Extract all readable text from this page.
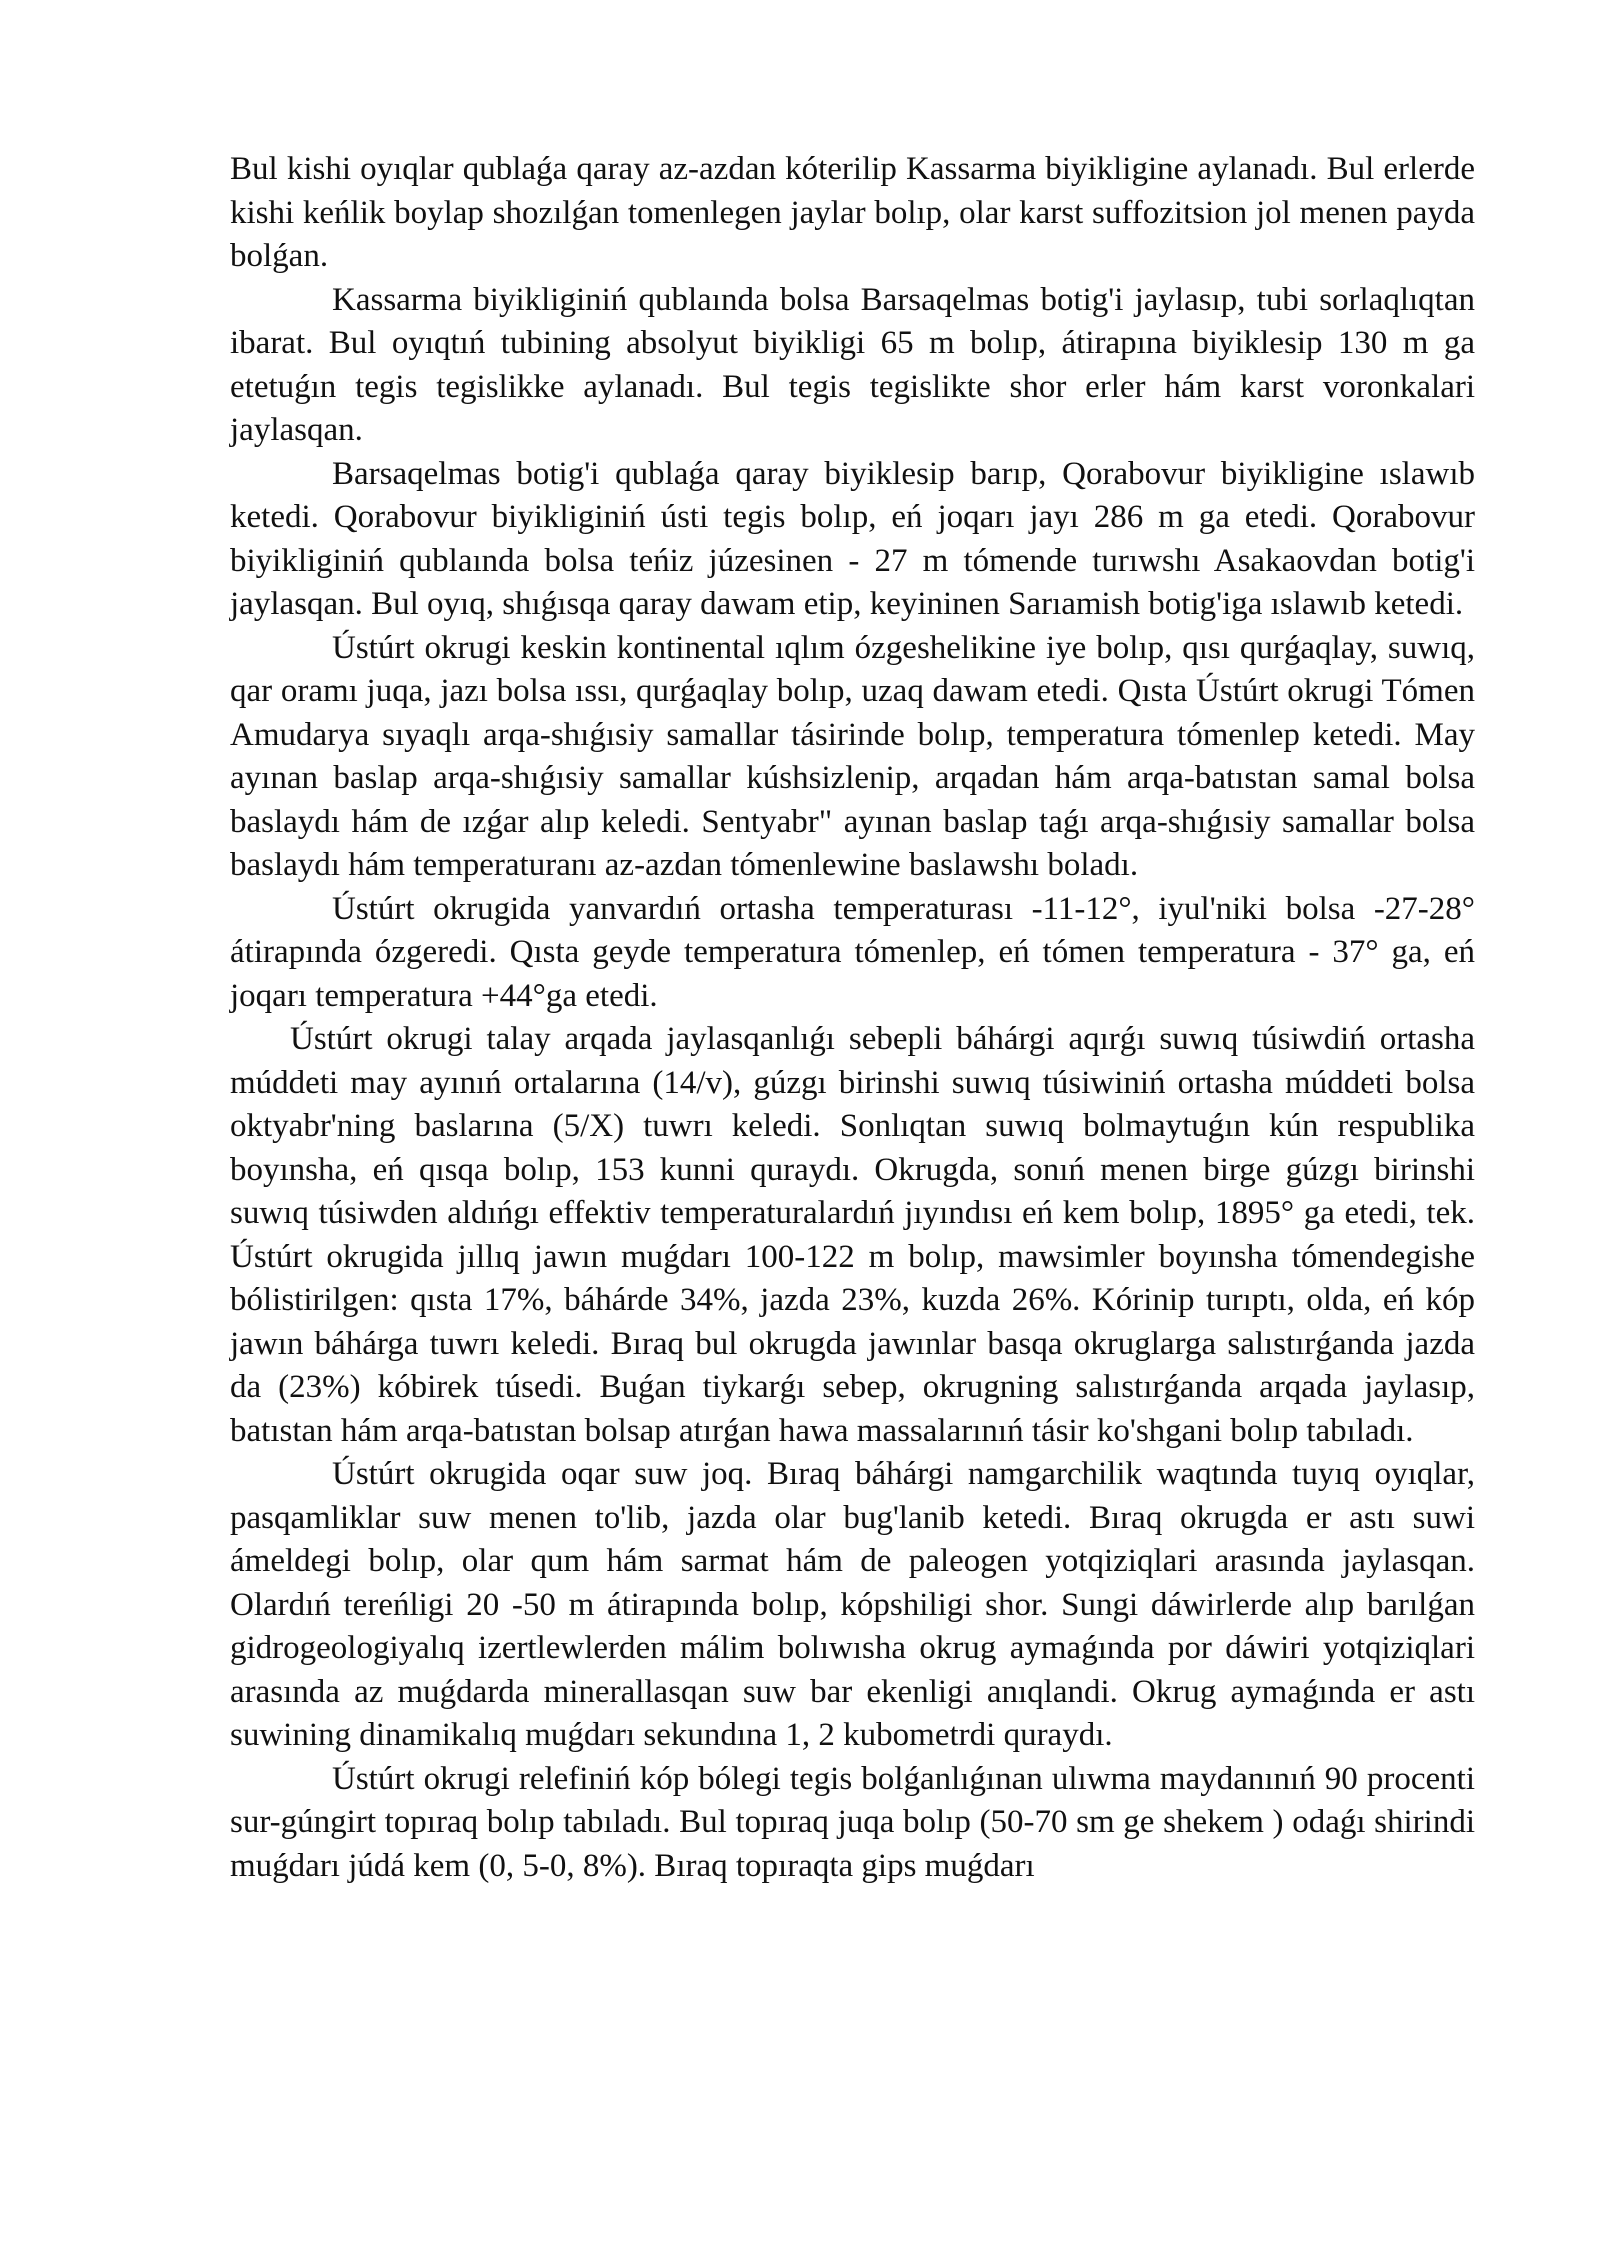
Bul kishi oyıqlar qublaǵa qaray az-azdan kóterilip Kassarma biyikligine aylanadı. Bul erlerde kishi keńlik boylap shozılǵan tomenlegen jaylar bolıp, olar karst suffozitsion jol menen payda bolǵan.

Kassarma biyikliginiń qublaında bolsa Barsaqelmas botig'i jaylasıp, tubi sorlaqlıqtan ibarat. Bul oyıqtıń tubining absolyut biyikligi 65 m bolıp, átirapına biyiklesip 130 m ga etetuǵın tegis tegislikke aylanadı. Bul tegis tegislikte shor erler hám karst voronkalari jaylasqan.

Barsaqelmas botig'i qublaǵa qaray biyiklesip barıp, Qorabovur biyikligine ıslawıb ketedi. Qorabovur biyikliginiń ústi tegis bolıp, eń joqarı jayı 286 m ga etedi. Qorabovur biyikliginiń qublaında bolsa teńiz júzesinen - 27 m tómende turıwshı Asakaovdan botig'i jaylasqan. Bul oyıq, shıǵısqa qaray dawam etip, keyininen Sarıamish botig'iga ıslawıb ketedi.

Ústúrt okrugi keskin kontinental ıqlım ózgeshelikine iye bolıp, qısı qurǵaqlay, suwıq, qar oramı juqa, jazı bolsa ıssı, qurǵaqlay bolıp, uzaq dawam etedi. Qısta Ústúrt okrugi Tómen Amudarya sıyaqlı arqa-shıǵısiy samallar tásirinde bolıp, temperatura tómenlep ketedi. May ayınan baslap arqa-shıǵısiy samallar kúshsizlenip, arqadan hám arqa-batıstan samal bolsa baslaydı hám de ızǵar alıp keledi. Sentyabr" ayınan baslap taǵı arqa-shıǵısiy samallar bolsa baslaydı hám temperaturanı az-azdan tómenlewine baslawshı boladı.

Ústúrt okrugida yanvardıń ortasha temperaturası -11-12°, iyul'niki bolsa -27-28° átirapında ózgeredi. Qısta geyde temperatura tómenlep, eń tómen temperatura - 37° ga, eń joqarı temperatura +44°ga etedi.

Ústúrt okrugi talay arqada jaylasqanlıǵı sebepli báhárgi aqırǵı suwıq túsiwdiń ortasha múddeti may ayınıń ortalarına (14/v), gúzgı birinshi suwıq túsiwiniń ortasha múddeti bolsa oktyabr'ning baslarına (5/X) tuwrı keledi. Sonlıqtan suwıq bolmaytuǵın kún respublika boyınsha, eń qısqa bolıp, 153 kunni quraydı. Okrugda, sonıń menen birge gúzgı birinshi suwıq túsiwden aldıńgı effektiv temperaturalardıń jıyındısı eń kem bolıp, 1895° ga etedi, tek. Ústúrt okrugida jıllıq jawın muǵdarı 100-122 m bolıp, mawsimler boyınsha tómendegishe bólistirilgen: qısta 17%, báhárde 34%, jazda 23%, kuzda 26%. Kórinip turıptı, olda, eń kóp jawın báhárga tuwrı keledi. Bıraq bul okrugda jawınlar basqa okruglarga salıstırǵanda jazda da (23%) kóbirek túsedi. Buǵan tiykarǵı sebep, okrugning salıstırǵanda arqada jaylasıp, batıstan hám arqa-batıstan bolsap atırǵan hawa massalarınıń tásir ko'shgani bolıp tabıladı.

Ústúrt okrugida oqar suw joq. Bıraq báhárgi namgarchilik waqtında tuyıq oyıqlar, pasqamliklar suw menen to'lib, jazda olar bug'lanib ketedi. Bıraq okrugda er astı suwi ámeldegi bolıp, olar qum hám sarmat hám de paleogen yotqiziqlari arasında jaylasqan. Olardıń tereńligi 20 -50 m átirapında bolıp, kópshiligi shor. Sungi dáwirlerde alıp barılǵan gidrogeologiyalıq izertlewlerden málim bolıwısha okrug aymaǵında por dáwiri yotqiziqlari arasında az muǵdarda minerallasqan suw bar ekenligi anıqlandi. Okrug aymaǵında er astı suwining dinamikalıq muǵdarı sekundına 1, 2 kubometrdi quraydı.

Ústúrt okrugi relefiniń kóp bólegi tegis bolǵanlıǵınan ulıwma maydanınıń 90 procenti sur-gúngirt topıraq bolıp tabıladı. Bul topıraq juqa bolıp (50-70 sm ge shekem ) odaǵı shirindi muǵdarı júdá kem (0, 5-0, 8%). Bıraq topıraqta gips muǵdarı
